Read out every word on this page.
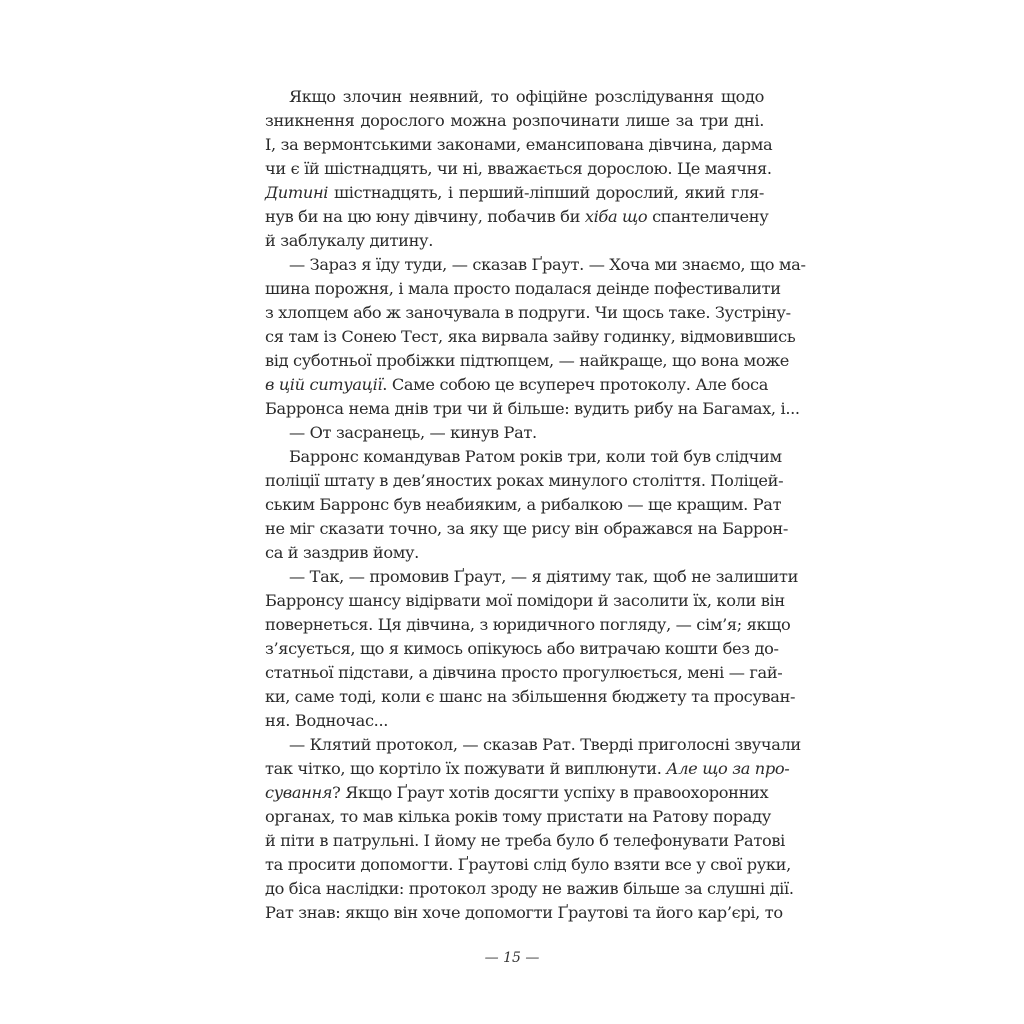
Якщо злочин неявний, то офіційне розслідування щодо
зникнення дорослого можна розпочинати лише за три дні.
І, за вермонтськими законами, емансипована дівчина, дарма
чи є їй шістнадцять, чи ні, вважається дорослою. Це маячня.
Дитині шістнадцять, і перший-ліпший дорослий, який гля-
нув би на цю юну дівчину, побачив би хіба що спантеличену
й заблукалу дитину.
— Зараз я їду туди, — сказав Ґраут. — Хоча ми знаємо, що ма-
шина порожня, і мала просто подалася деінде пофестивалити
з хлопцем або ж заночувала в подруги. Чи щось таке. Зустріну-
ся там із Сонею Тест, яка вирвала зайву годинку, відмовившись
від суботньої пробіжки підтюпцем, — найкраще, що вона може
в цій ситуації. Саме собою це всупереч протоколу. Але боса
Барронса нема днів три чи й більше: вудить рибу на Багамах, і...
— От засранець, — кинув Рат.
Барронс командував Ратом років три, коли той був слідчим
поліції штату в дев’яностих роках минулого століття. Поліцей-
ським Барронс був неабияким, а рибалкою — ще кращим. Рат
не міг сказати точно, за яку ще рису він ображався на Баррон-
са й заздрив йому.
— Так, — промовив Ґраут, — я діятиму так, щоб не залишити
Барронсу шансу відірвати мої помідори й засолити їх, коли він
повернеться. Ця дівчина, з юридичного погляду, — сім’я; якщо
з’ясується, що я кимось опікуюсь або витрачаю кошти без до-
статньої підстави, а дівчина просто прогулюється, мені — гай-
ки, саме тоді, коли є шанс на збільшення бюджету та просуван-
ня. Водночас...
— Клятий протокол, — сказав Рат. Тверді приголосні звучали
так чітко, що кортіло їх пожувати й виплюнути. Але що за про-
сування? Якщо Ґраут хотів досягти успіху в правоохоронних
органах, то мав кілька років тому пристати на Ратову пораду
й піти в патрульні. І йому не треба було б телефонувати Ратові
та просити допомогти. Ґраутові слід було взяти все у свої руки,
до біса наслідки: протокол зроду не важив більше за слушні дії.
Рат знав: якщо він хоче допомогти Ґраутові та його кар’єрі, то
— 15 —
